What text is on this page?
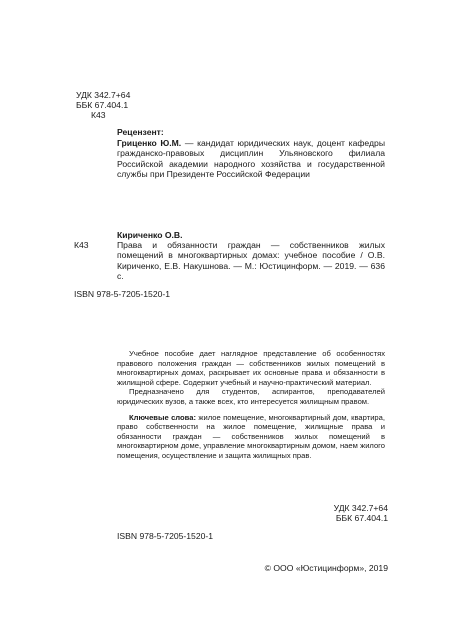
УДК 342.7+64
ББК 67.404.1
К43
Рецензент:

Гриценко Ю.М. — кандидат юридических наук, доцент кафедры гражданско-правовых дисциплин Ульяновского филиала Российской академии народного хозяйства и государственной службы при Президенте Российской Федерации

К43
Кириченко О.В.

Права и обязанности граждан — собственников жилых помещений в многоквартирных домах: учебное пособие / О.В. Кириченко, Е.В. Накушнова. — М.: Юстицинформ. — 2019. — 636 с.

ISBN 978-5-7205-1520-1

Учебное пособие дает наглядное представление об особенностях правового положения граждан — собственников жилых помещений в многоквартирных домах, раскрывает их основные права и обязанности в жилищной сфере. Содержит учебный и научно-практический материал.

Предназначено для студентов, аспирантов, преподавателей юридических вузов, а также всех, кто интересуется жилищным правом.

Ключевые слова: жилое помещение, многоквартирный дом, квартира, право собственности на жилое помещение, жилищные права и обязанности граждан — собственников жилых помещений в многоквартирном доме, управление многоквартирным домом, наем жилого помещения, осуществление и защита жилищных прав.

УДК 342.7+64
ББК 67.404.1
ISBN 978-5-7205-1520-1
© ООО «Юстицинформ», 2019
